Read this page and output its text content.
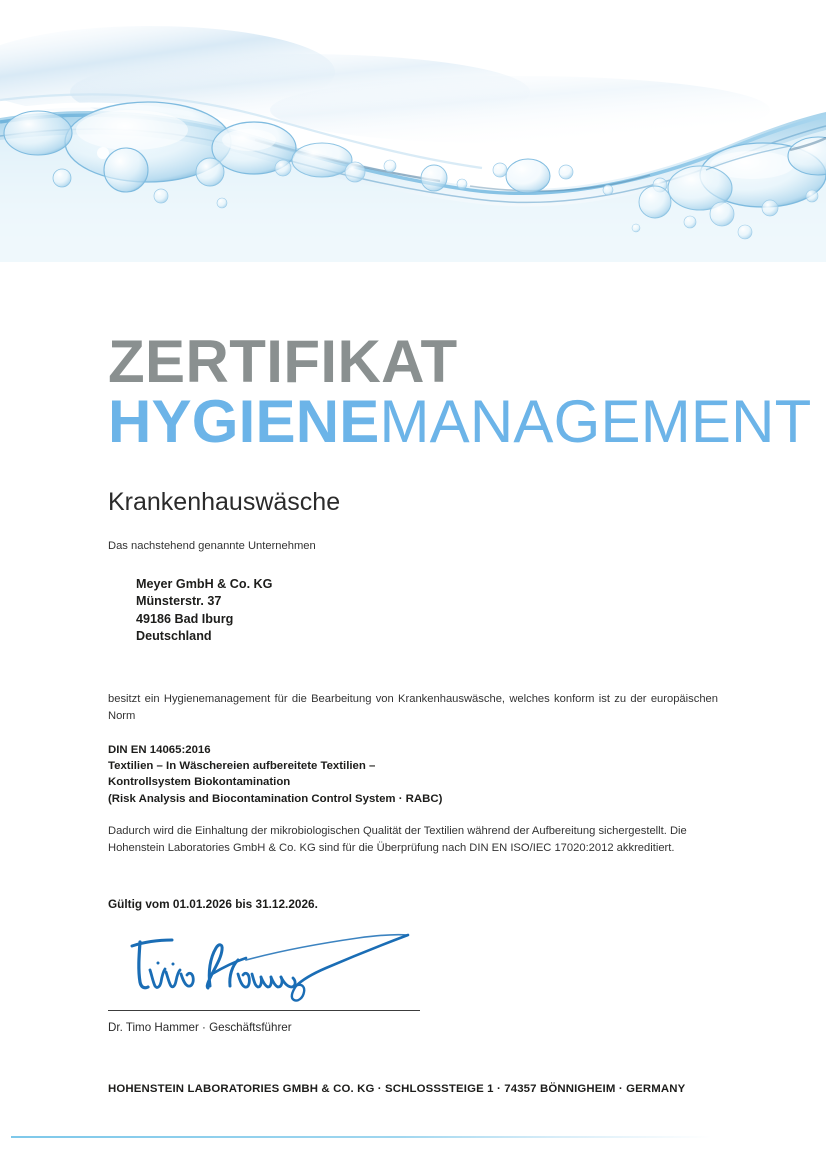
ZERTIFIKAT
HYGIENEMANAGEMENT
Krankenhauswäsche
Das nachstehend genannte Unternehmen
Meyer GmbH & Co. KG
Münsterstr. 37
49186 Bad Iburg
Deutschland

besitzt ein Hygienemanagement für die Bearbeitung von Krankenhauswäsche, welches konform ist zu der europäischen Norm

DIN EN 14065:2016
Textilien – In Wäschereien aufbereitete Textilien –
Kontrollsystem Biokontamination
(Risk Analysis and Biocontamination Control System · RABC)

Dadurch wird die Einhaltung der mikrobiologischen Qualität der Textilien während der Aufbereitung sichergestellt. Die Hohenstein Laboratories GmbH & Co. KG sind für die Überprüfung nach DIN EN ISO/IEC 17020:2012 akkreditiert.

Gültig vom 01.01.2026 bis 31.12.2026.
Dr. Timo Hammer · Geschäftsführer
HOHENSTEIN LABORATORIES GMBH & CO. KG · SCHLOSSSTEIGE 1 · 74357 BÖNNIGHEIM · GERMANY
